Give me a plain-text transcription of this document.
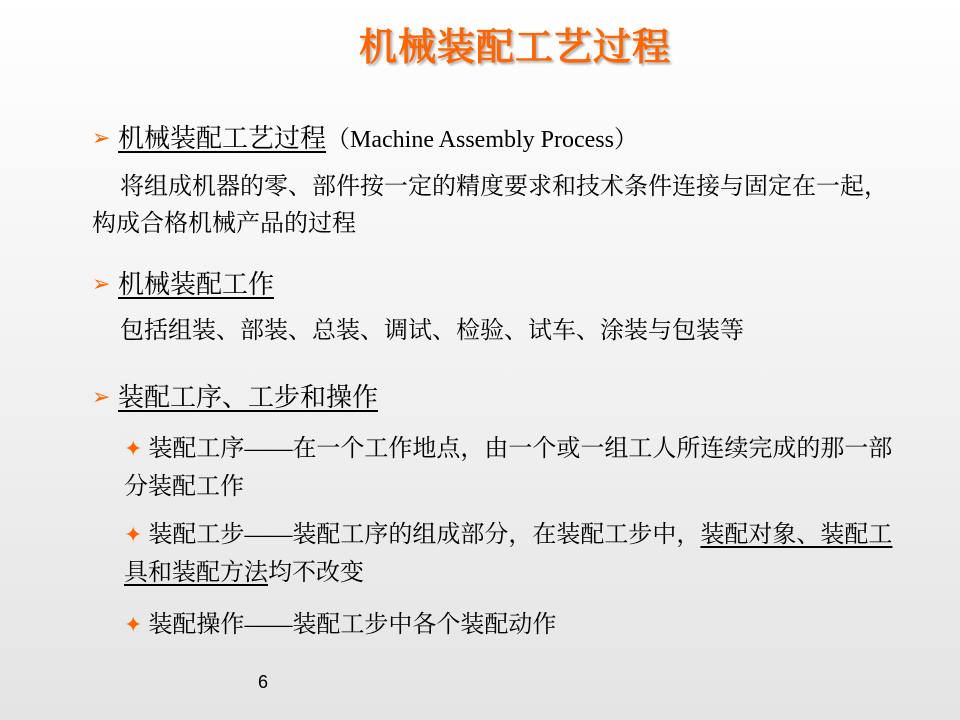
机械装配工艺过程
➢ 机械装配工艺过程（Machine Assembly Process）
将组成机器的零、部件按一定的精度要求和技术条件连接与固定在一起，构成合格机械产品的过程
➢ 机械装配工作
包括组装、部装、总装、调试、检验、试车、涂装与包装等
➢ 装配工序、工步和操作
✦ 装配工序——在一个工作地点，由一个或一组工人所连续完成的那一部分装配工作
✦ 装配工步——装配工序的组成部分，在装配工步中，装配对象、装配工具和装配方法均不改变
✦ 装配操作——装配工步中各个装配动作
6
